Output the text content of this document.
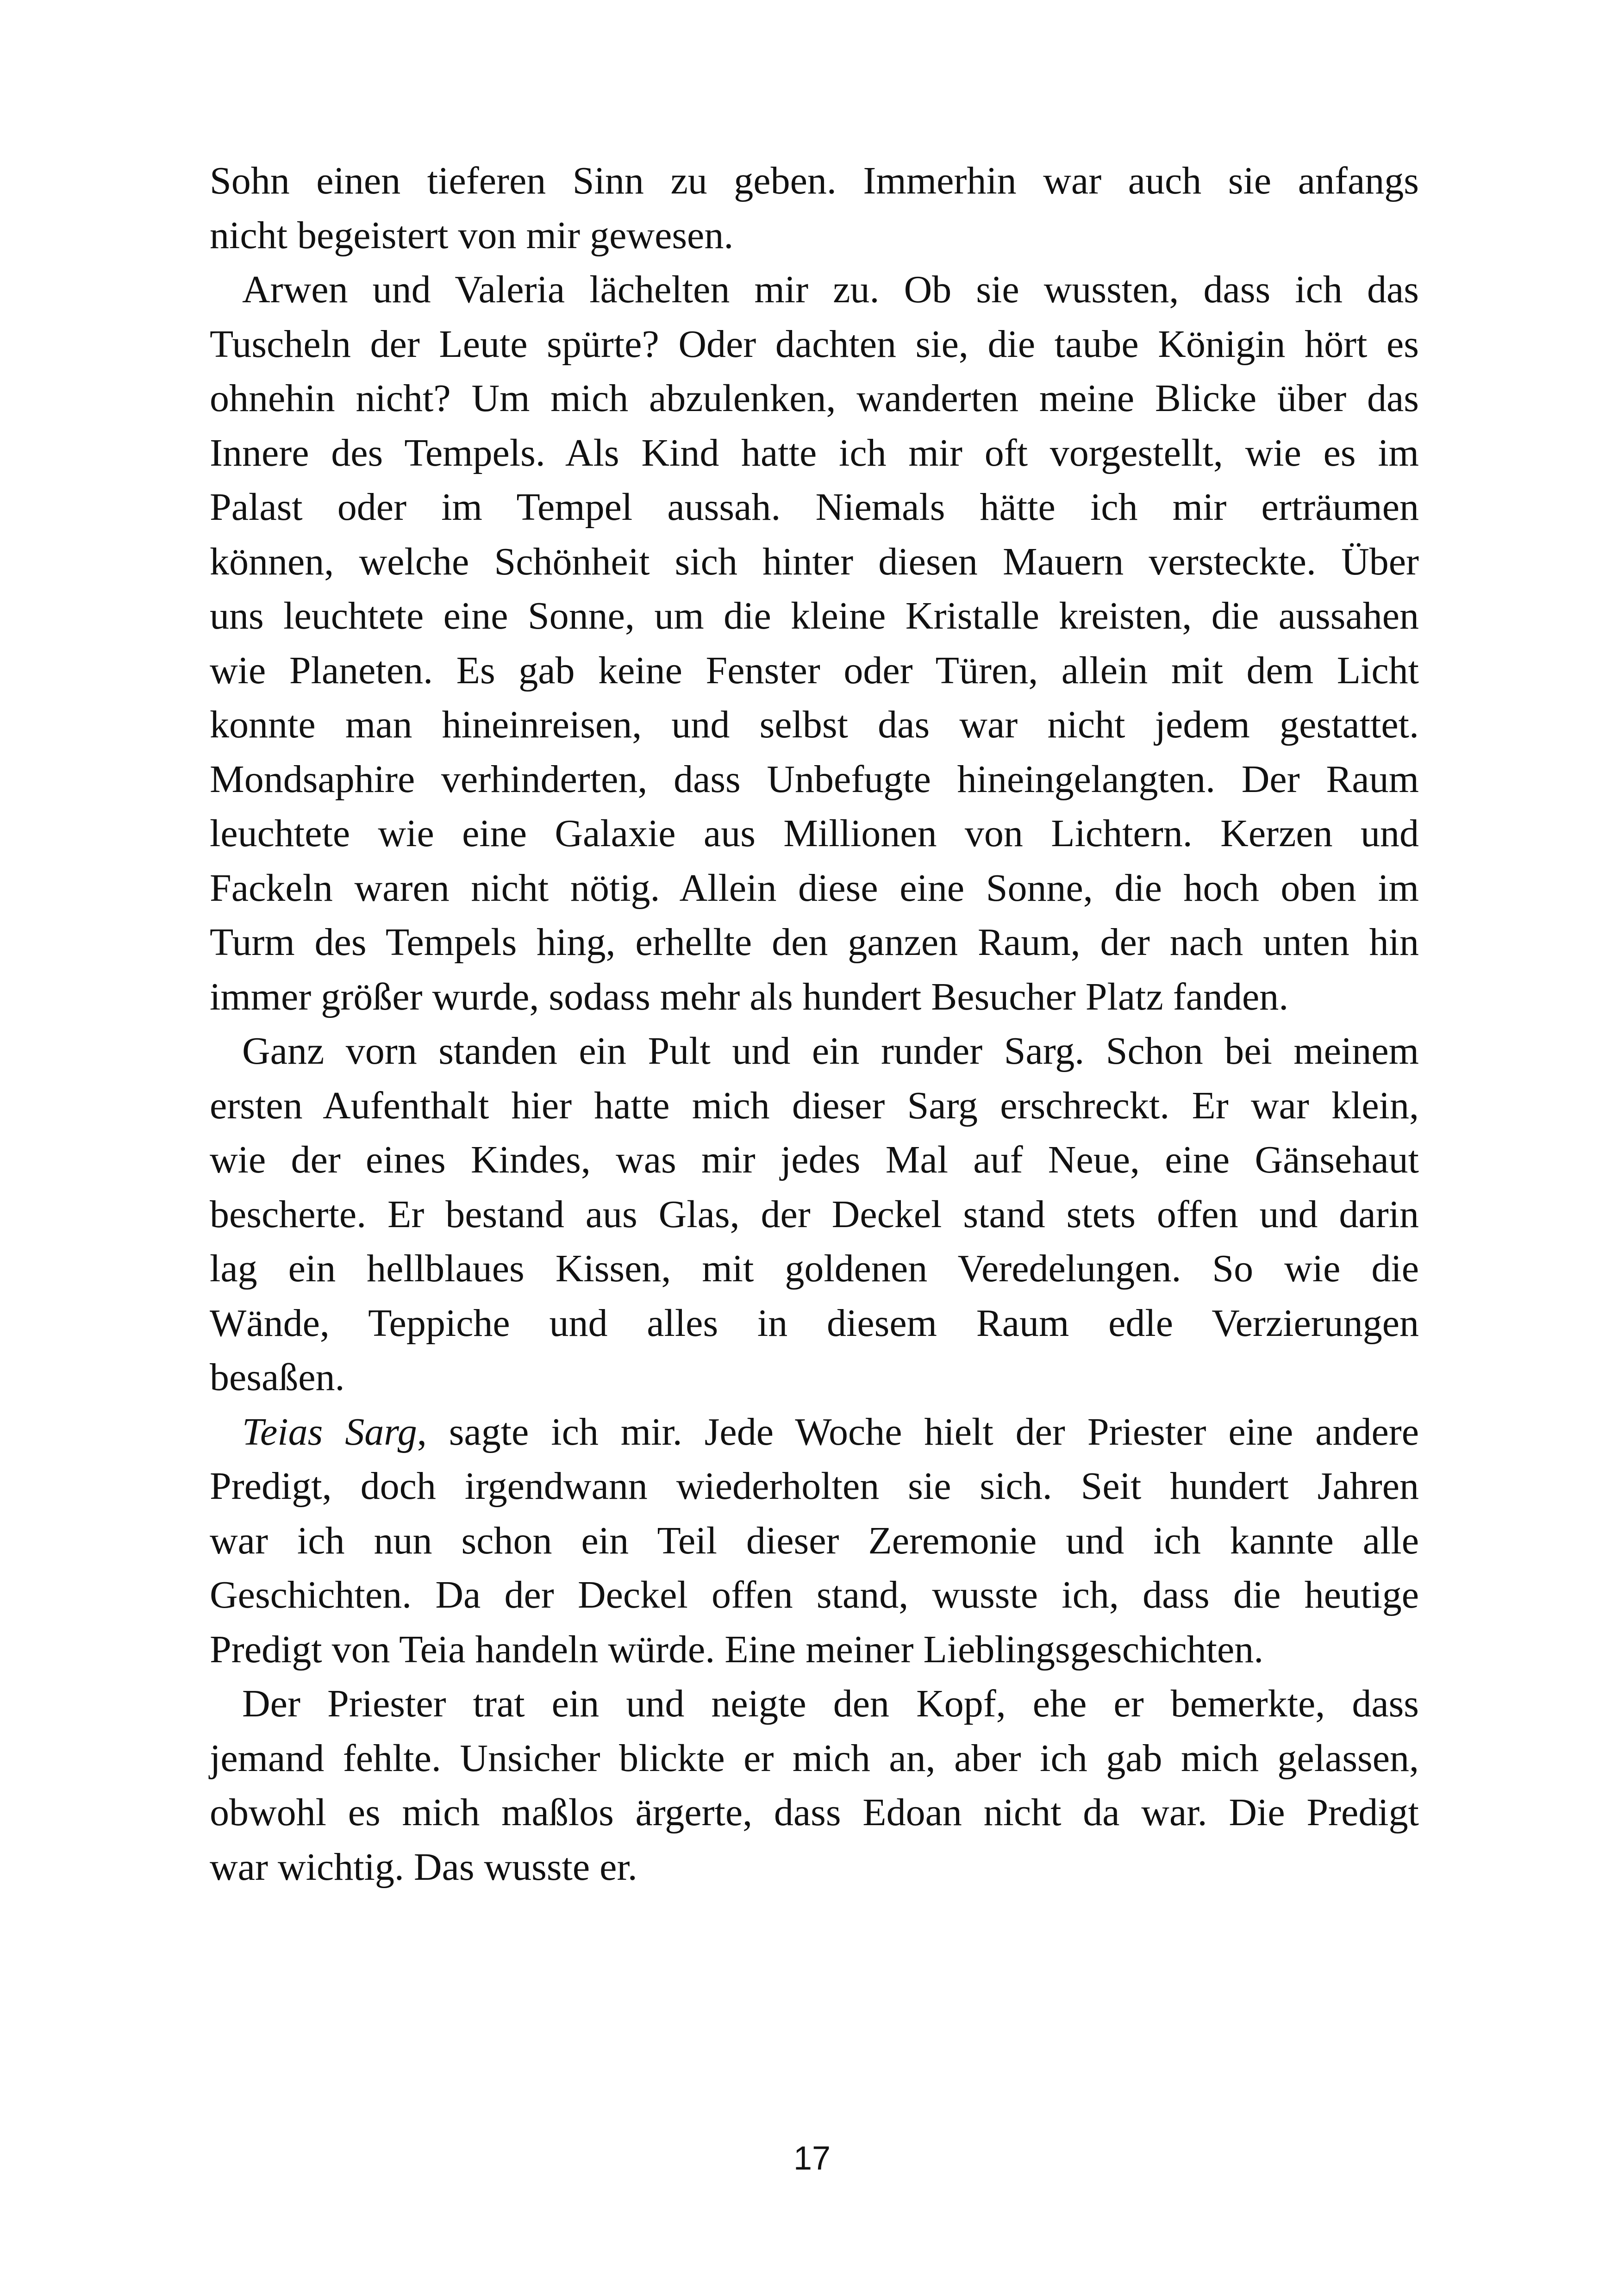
Sohn einen tieferen Sinn zu geben. Immerhin war auch sie anfangs
nicht begeistert von mir gewesen.

Arwen und Valeria lächelten mir zu. Ob sie wussten, dass ich das
Tuscheln der Leute spürte? Oder dachten sie, die taube Königin hört es
ohnehin nicht? Um mich abzulenken, wanderten meine Blicke über das
Innere des Tempels. Als Kind hatte ich mir oft vorgestellt, wie es im
Palast oder im Tempel aussah. Niemals hätte ich mir erträumen
können, welche Schönheit sich hinter diesen Mauern versteckte. Über
uns leuchtete eine Sonne, um die kleine Kristalle kreisten, die aussahen
wie Planeten. Es gab keine Fenster oder Türen, allein mit dem Licht
konnte man hineinreisen, und selbst das war nicht jedem gestattet.
Mondsaphire verhinderten, dass Unbefugte hineingelangten. Der Raum
leuchtete wie eine Galaxie aus Millionen von Lichtern. Kerzen und
Fackeln waren nicht nötig. Allein diese eine Sonne, die hoch oben im
Turm des Tempels hing, erhellte den ganzen Raum, der nach unten hin
immer größer wurde, sodass mehr als hundert Besucher Platz fanden.

Ganz vorn standen ein Pult und ein runder Sarg. Schon bei meinem
ersten Aufenthalt hier hatte mich dieser Sarg erschreckt. Er war klein,
wie der eines Kindes, was mir jedes Mal auf Neue, eine Gänsehaut
bescherte. Er bestand aus Glas, der Deckel stand stets offen und darin
lag ein hellblaues Kissen, mit goldenen Veredelungen. So wie die
Wände, Teppiche und alles in diesem Raum edle Verzierungen
besaßen.

Teias Sarg, sagte ich mir. Jede Woche hielt der Priester eine andere
Predigt, doch irgendwann wiederholten sie sich. Seit hundert Jahren
war ich nun schon ein Teil dieser Zeremonie und ich kannte alle
Geschichten. Da der Deckel offen stand, wusste ich, dass die heutige
Predigt von Teia handeln würde. Eine meiner Lieblingsgeschichten.

Der Priester trat ein und neigte den Kopf, ehe er bemerkte, dass
jemand fehlte. Unsicher blickte er mich an, aber ich gab mich gelassen,
obwohl es mich maßlos ärgerte, dass Edoan nicht da war. Die Predigt
war wichtig. Das wusste er.

17
